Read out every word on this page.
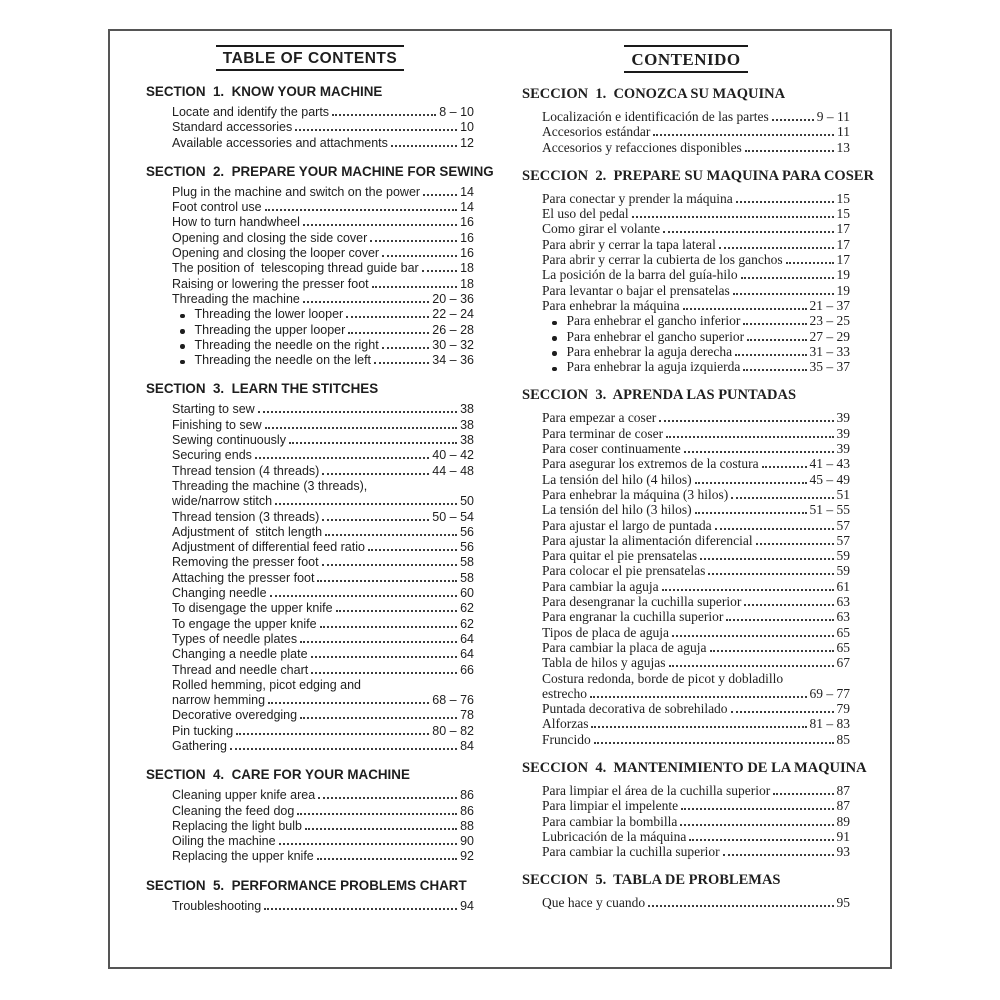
TABLE OF CONTENTS
SECTION  1.  KNOW YOUR MACHINE
Locate and identify the parts	8 – 10
Standard accessories	10
Available accessories and attachments	12
SECTION  2.  PREPARE YOUR MACHINE FOR SEWING
Plug in the machine and switch on the power	14
Foot control use	14
How to turn handwheel	16
Opening and closing the side cover	16
Opening and closing the looper cover	16
The position of  telescoping thread guide bar	18
Raising or lowering the presser foot	18
Threading the machine	20 – 36
Threading the lower looper	22 – 24
Threading the upper looper	26 – 28
Threading the needle on the right	30 – 32
Threading the needle on the left	34 – 36
SECTION  3.  LEARN THE STITCHES
Starting to sew	38
Finishing to sew	38
Sewing continuously	38
Securing ends	40 – 42
Thread tension (4 threads)	44 – 48
Threading the machine (3 threads),
wide/narrow stitch	50
Thread tension (3 threads)	50 – 54
Adjustment of  stitch length	56
Adjustment of differential feed ratio	56
Removing the presser foot	58
Attaching the presser foot	58
Changing needle	60
To disengage the upper knife	62
To engage the upper knife	62
Types of needle plates	64
Changing a needle plate	64
Thread and needle chart	66
Rolled hemming, picot edging and
narrow hemming	68 – 76
Decorative overedging	78
Pin tucking	80 – 82
Gathering	84
SECTION  4.  CARE FOR YOUR MACHINE
Cleaning upper knife area	86
Cleaning the feed dog	86
Replacing the light bulb	88
Oiling the machine	90
Replacing the upper knife	92
SECTION  5.  PERFORMANCE PROBLEMS CHART
Troubleshooting	94
CONTENIDO
SECCION  1.  CONOZCA SU MAQUINA
Localización e identificación de las partes	9 – 11
Accesorios estándar	11
Accesorios y refacciones disponibles	13
SECCION  2.  PREPARE SU MAQUINA PARA COSER
Para conectar y prender la máquina	15
El uso del pedal	15
Como girar el volante	17
Para abrir y cerrar la tapa lateral	17
Para abrir y cerrar la cubierta de los ganchos	17
La posición de la barra del guía-hilo	19
Para levantar o bajar el prensatelas	19
Para enhebrar la máquina	21 – 37
Para enhebrar el gancho inferior	23 – 25
Para enhebrar el gancho superior	27 – 29
Para enhebrar la aguja derecha	31 – 33
Para enhebrar la aguja izquierda	35 – 37
SECCION  3.  APRENDA LAS PUNTADAS
Para empezar a coser	39
Para terminar de coser	39
Para coser continuamente	39
Para asegurar los extremos de la costura	41 – 43
La tensión del hilo (4 hilos)	45 – 49
Para enhebrar la máquina (3 hilos)	51
La tensión del hilo (3 hilos)	51 – 55
Para ajustar el largo de puntada	57
Para ajustar la alimentación diferencial	57
Para quitar el pie prensatelas	59
Para colocar el pie prensatelas	59
Para cambiar la aguja	61
Para desengranar la cuchilla superior	63
Para engranar la cuchilla superior	63
Tipos de placa de aguja	65
Para cambiar la placa de aguja	65
Tabla de hilos y agujas	67
Costura redonda, borde de picot y dobladillo
estrecho	69 – 77
Puntada decorativa de sobrehilado	79
Alforzas	81 – 83
Fruncido	85
SECCION  4.  MANTENIMIENTO DE LA MAQUINA
Para limpiar el área de la cuchilla superior	87
Para limpiar el impelente	87
Para cambiar la bombilla	89
Lubricación de la máquina	91
Para cambiar la cuchilla superior	93
SECCION  5.  TABLA DE PROBLEMAS
Que hace y cuando	95
